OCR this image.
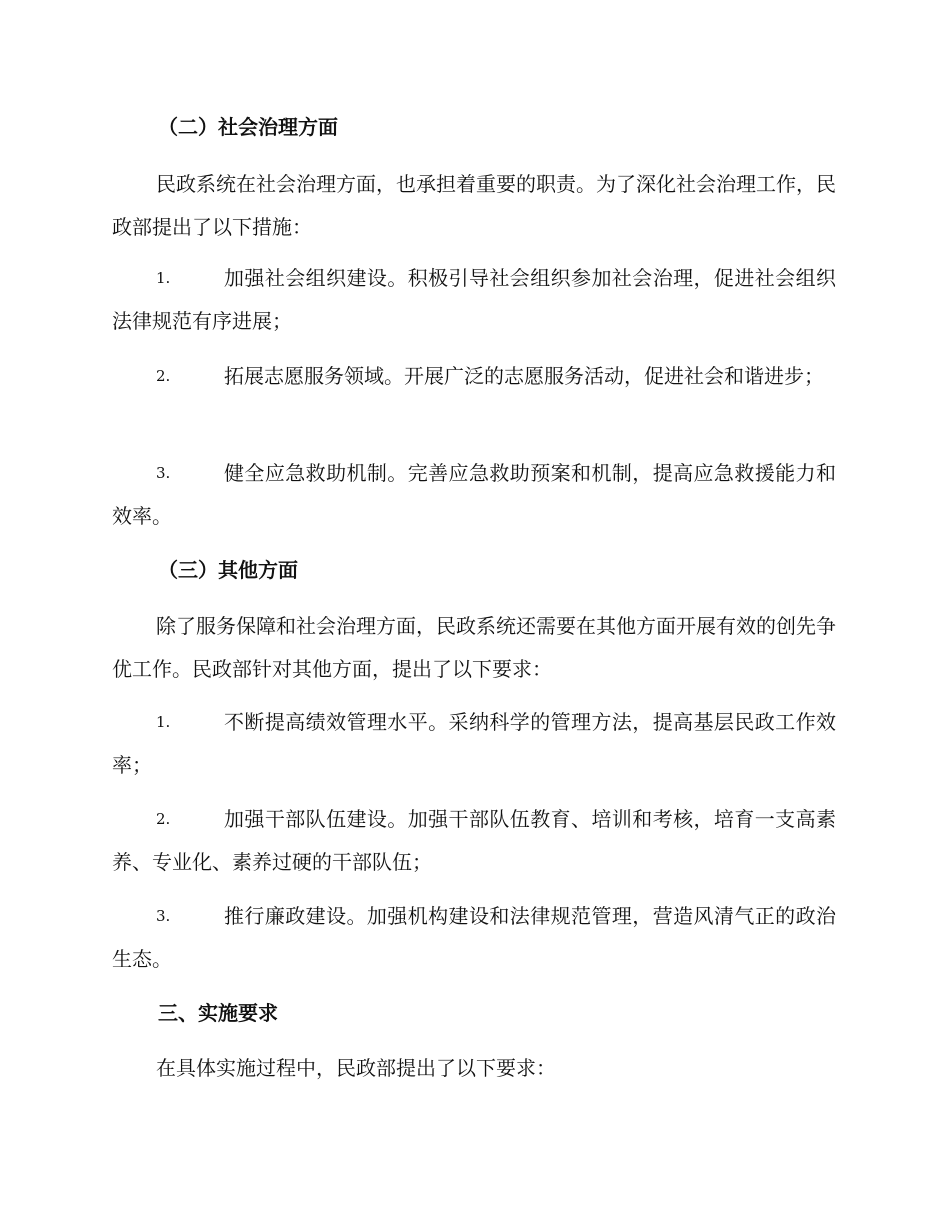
（二）社会治理方面
民政系统在社会治理方面，也承担着重要的职责。为了深化社会治理工作，民政部提出了以下措施：
1.	加强社会组织建设。积极引导社会组织参加社会治理，促进社会组织法律规范有序进展；
2.	拓展志愿服务领域。开展广泛的志愿服务活动，促进社会和谐进步；
3.	健全应急救助机制。完善应急救助预案和机制，提高应急救援能力和效率。
（三）其他方面
除了服务保障和社会治理方面，民政系统还需要在其他方面开展有效的创先争优工作。民政部针对其他方面，提出了以下要求：
1.	不断提高绩效管理水平。采纳科学的管理方法，提高基层民政工作效率；
2.	加强干部队伍建设。加强干部队伍教育、培训和考核，培育一支高素养、专业化、素养过硬的干部队伍；
3.	推行廉政建设。加强机构建设和法律规范管理，营造风清气正的政治生态。
三、实施要求
在具体实施过程中，民政部提出了以下要求：
